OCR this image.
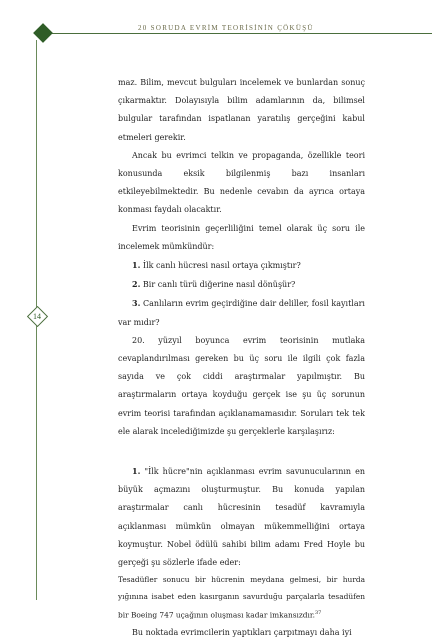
20 SORUDA EVRİM TEORİSİNİN ÇÖKÜŞÜ
14

maz. Bilim, mevcut bulguları incelemek ve bunlardan sonuç çıkarmaktır. Dolayısıyla bilim adamlarının da, bilimsel bulgular tarafından ispatlanan yaratılış gerçeğini kabul etmeleri gerekir.

Ancak bu evrimci telkin ve propaganda, özellikle teori konusunda eksik bilgilenmiş bazı insanları etkileyebilmektedir. Bu nedenle cevabın da ayrıca ortaya konması faydalı olacaktır.

Evrim teorisinin geçerliliğini temel olarak üç soru ile incelemek mümkündür:

1. İlk canlı hücresi nasıl ortaya çıkmıştır?

2. Bir canlı türü diğerine nasıl dönüşür?

3. Canlıların evrim geçirdiğine dair deliller, fosil kayıtları var mıdır?

20. yüzyıl boyunca evrim teorisinin mutlaka cevaplandırılması gereken bu üç soru ile ilgili çok fazla sayıda ve çok ciddi araştırmalar yapılmıştır. Bu araştırmaların ortaya koyduğu gerçek ise şu üç sorunun evrim teorisi tarafından açıklanamamasıdır. Soruları tek tek ele alarak incelediğimizde şu gerçeklerle karşılaşırız:

1. "İlk hücre"nin açıklanması evrim savunucularının en büyük açmazını oluşturmuştur. Bu konuda yapılan araştırmalar canlı hücresinin tesadüf kavramıyla açıklanması mümkün olmayan mükemmelliğini ortaya koymuştur. Nobel ödülü sahibi bilim adamı Fred Hoyle bu gerçeği şu sözlerle ifade eder:

Tesadüfler sonucu bir hücrenin meydana gelmesi, bir hurda yığınına isabet eden kasırganın savurduğu parçalarla tesadüfen bir Boeing 747 uçağının oluşması kadar imkansızdır.$^{37}$

Bu noktada evrimcilerin yaptıkları çarpıtmayı daha iyi
